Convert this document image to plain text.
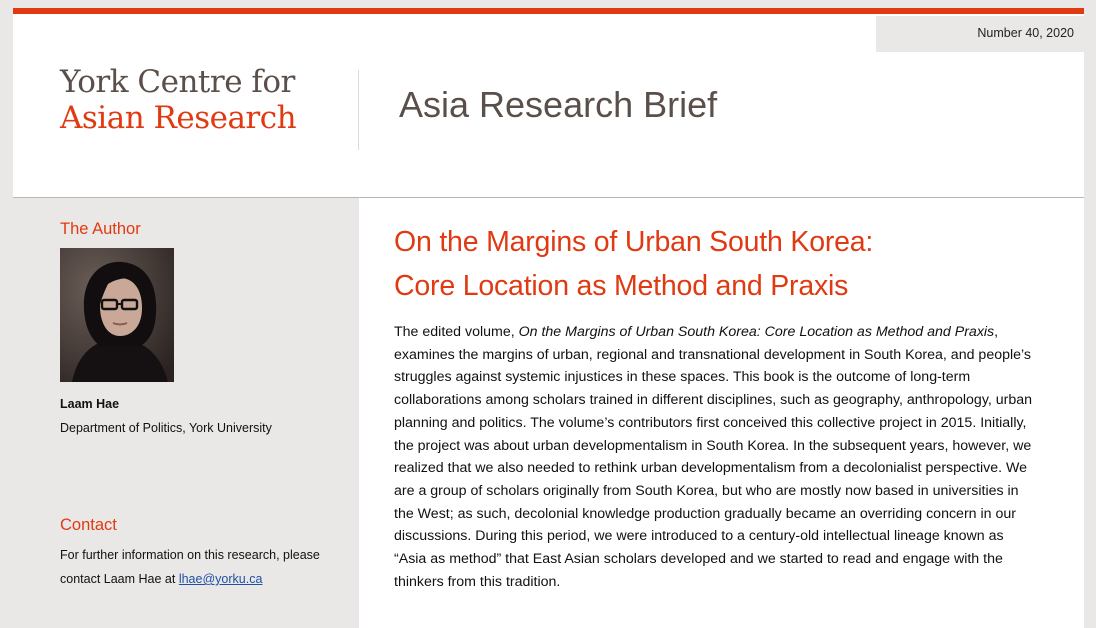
Number 40, 2020
York Centre for
Asian Research	Asia Research Brief
The Author
Laam Hae
Department of Politics, York University
Contact
For further information on this research, please
contact Laam Hae at lhae@yorku.ca
On the Margins of Urban South Korea:
Core Location as Method and Praxis
The edited volume, On the Margins of Urban South Korea: Core Location as Method and Praxis, examines the margins of urban, regional and transnational development in South Korea, and people’s struggles against systemic injustices in these spaces. This book is the outcome of long-term collaborations among scholars trained in different disciplines, such as geography, anthropology, urban planning and politics. The volume’s contributors first conceived this collective project in 2015. Initially, the project was about urban developmentalism in South Korea. In the subsequent years, however, we realized that we also needed to rethink urban developmentalism from a decolonialist perspective. We are a group of scholars originally from South Korea, but who are mostly now based in universities in the West; as such, decolonial knowledge production gradually became an overriding concern in our discussions. During this period, we were introduced to a century-old intellectual lineage known as “Asia as method” that East Asian scholars developed and we started to read and engage with the thinkers from this tradition.
